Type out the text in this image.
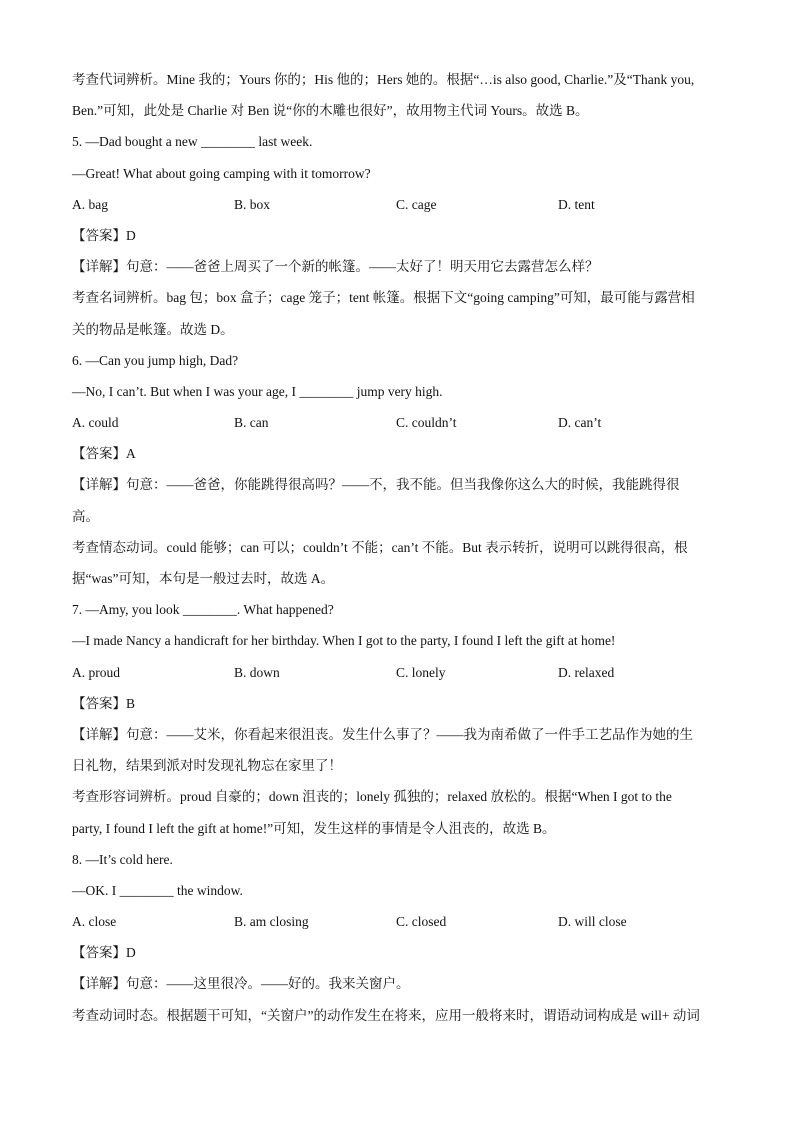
考查代词辨析。Mine 我的；Yours 你的；His 他的；Hers 她的。根据“…is also good, Charlie.”及“Thank you,
Ben.”可知，此处是 Charlie 对 Ben 说“你的木雕也很好”，故用物主代词 Yours。故选 B。
5. —Dad bought a new ________ last week.
—Great! What about going camping with it tomorrow?
A. bag	B. box	C. cage	D. tent
【答案】D
【详解】句意：——爸爸上周买了一个新的帐篷。——太好了！明天用它去露营怎么样？
考查名词辨析。bag 包；box 盒子；cage 笼子；tent 帐篷。根据下文“going camping”可知，最可能与露营相
关的物品是帐篷。故选 D。
6. —Can you jump high, Dad?
—No, I can’t. But when I was your age, I ________ jump very high.
A. could	B. can	C. couldn’t	D. can’t
【答案】A
【详解】句意：——爸爸，你能跳得很高吗？——不，我不能。但当我像你这么大的时候，我能跳得很
高。
考查情态动词。could 能够；can 可以；couldn’t 不能；can’t 不能。But 表示转折，说明可以跳得很高，根
据“was”可知，本句是一般过去时，故选 A。
7. —Amy, you look ________. What happened?
—I made Nancy a handicraft for her birthday. When I got to the party, I found I left the gift at home!
A. proud	B. down	C. lonely	D. relaxed
【答案】B
【详解】句意：——艾米，你看起来很沮丧。发生什么事了？——我为南希做了一件手工艺品作为她的生
日礼物，结果到派对时发现礼物忘在家里了！
考查形容词辨析。proud 自豪的；down 沮丧的；lonely 孤独的；relaxed 放松的。根据“When I got to the
party, I found I left the gift at home!”可知，发生这样的事情是令人沮丧的，故选 B。
8. —It’s cold here.
—OK. I ________ the window.
A. close	B. am closing	C. closed	D. will close
【答案】D
【详解】句意：——这里很冷。——好的。我来关窗户。
考查动词时态。根据题干可知，“关窗户”的动作发生在将来，应用一般将来时，谓语动词构成是 will+ 动词
